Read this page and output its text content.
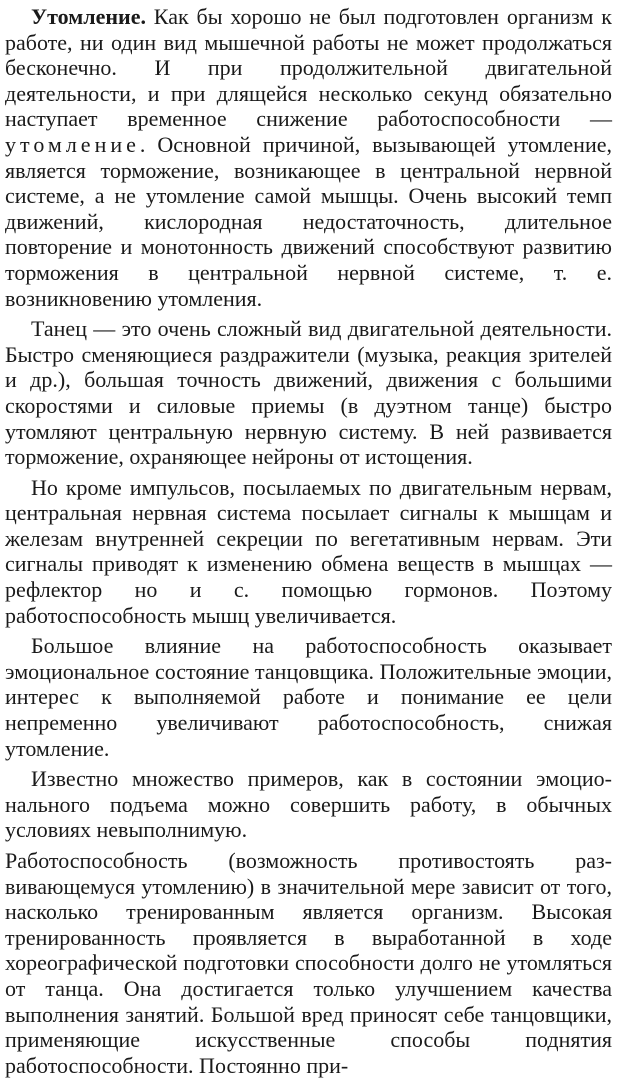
Утомление. Как бы хорошо не был подготовлен организм к работе, ни один вид мышечной работы не может продолжаться бесконечно. И при продолжительной двигательной деятельности, и при длящейся несколько секунд обязательно наступает временное снижение работоспособности — утомление. Основной причиной, вызывающей утомление, является торможение, возникающее в центральной нервной системе, а не утомление самой мышцы. Очень высокий темп движений, кислородная недостаточность, длительное повторение и монотонность движений способствуют развитию торможения в центральной нервной системе, т. е. возникновению утомления.

Танец — это очень сложный вид двигательной деятельности. Быстро сменяющиеся раздражители (музыка, реакция зрителей и др.), большая точность движений, движения с большими скоростями и силовые приемы (в дуэтном танце) быстро утомляют центральную нервную систему. В ней развивается торможение, охраняющее нейроны от истощения.

Но кроме импульсов, посылаемых по двигательным нервам, центральная нервная система посылает сигналы к мышцам и железам внутренней секреции по вегетативным нервам. Эти сигналы приводят к изменению обмена веществ в мышцах — рефлектор но и с. помощью гормонов. Поэтому работоспособность мышц увеличивается.

Большое влияние на работоспособность оказывает эмоциональное состояние танцовщика. Положительные эмоции, интерес к выполняемой работе и понимание ее цели непременно увеличивают работоспособность, снижая утомление.

Известно множество примеров, как в состоянии эмоционального подъема можно совершить работу, в обычных условиях невыполнимую.

Работоспособность (возможность противостоять развивающемуся утомлению) в значительной мере зависит от того, насколько тренированным является организм. Высокая тренированность проявляется в выработанной в ходе хореографической подготовки способности долго не утомляться от танца. Она достигается только улучшением качества выполнения занятий. Большой вред приносят себе танцовщики, применяющие искусственные способы поднятия работоспособности. Постоянно при-
